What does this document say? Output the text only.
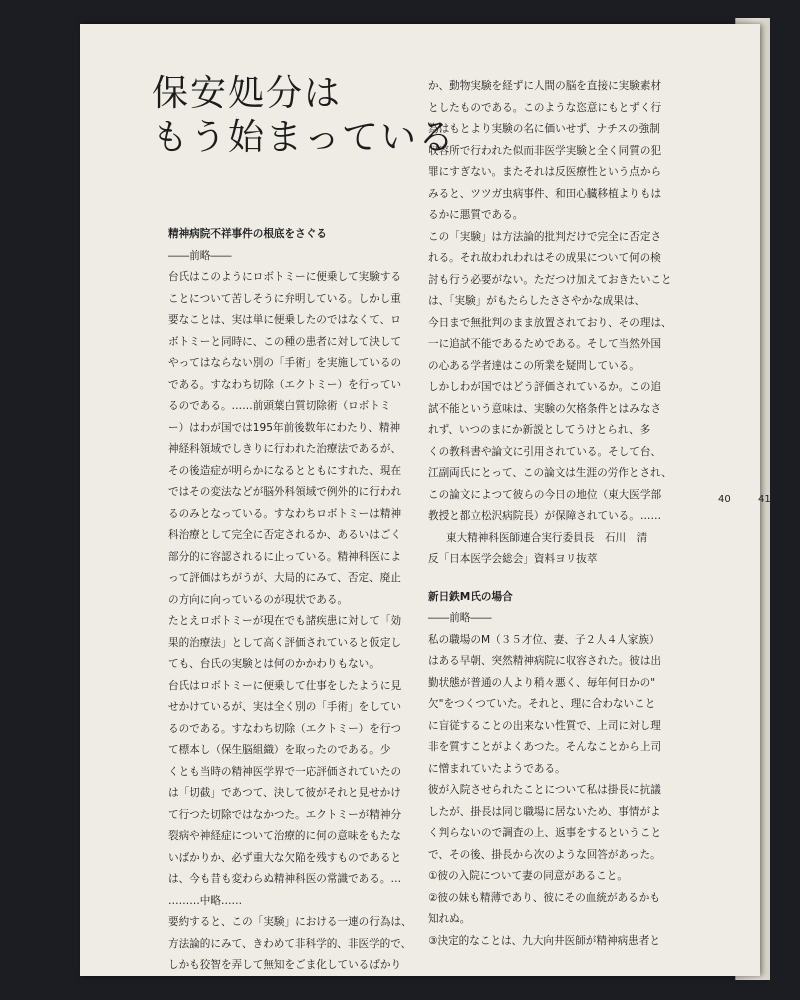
保安処分は
もう始まっている

精神病院不祥事件の根底をさぐる

――前略――

台氏はこのようにロボトミーに便乗して実験する

ことについて苦しそうに弁明している。しかし重

要なことは、実は単に便乗したのではなくて、ロ

ボトミーと同時に、この種の患者に対して決して

やってはならない別の「手術」を実施しているの

である。すなわち切除（エクトミー）を行ってい

るのである。……前頭葉白質切除術（ロボトミ

ー）はわが国では195年前後数年にわたり、精神

神経科領域でしきりに行われた治療法であるが、

その後造症が明らかになるとともにすれた、現在

ではその変法などが脳外科領域で例外的に行われ

るのみとなっている。すなわちロボトミーは精神

科治療として完全に否定されるか、あるいはごく

部分的に容認されるに止っている。精神科医によ

って評価はちがうが、大局的にみて、否定、廃止

の方向に向っているのが現状である。

たとえロボトミーが現在でも諸疾患に対して「効

果的治療法」として高く評価されていると仮定し

ても、台氏の実験とは何のかかわりもない。

台氏はロボトミーに便乗して仕事をしたように見

せかけているが、実は全く別の「手術」をしてい

るのである。すなわち切除（エクトミー）を行つ

て標本し（保生脳組織）を取ったのである。少

くとも当時の精神医学界で一応評価されていたの

は「切截」であつて、決して彼がそれと見せかけ

て行つた切除ではなかつた。エクトミーが精神分

裂病や神経症について治療的に何の意味をもたな

いばかりか、必ず重大な欠陥を残すものであると

は、今も昔も変わらぬ精神科医の常識である。…

………中略……

要約すると、この「実験」における一連の行為は、

方法論的にみて、きわめて非科学的、非医学的で、

しかも狡智を弄して無知をごま化しているばかり

か、動物実験を経ずに人間の脳を直接に実験素材

としたものである。このような恣意にもとずく行

為はもとより実験の名に価いせず、ナチスの強制

収容所で行われた似而非医学実験と全く同質の犯

罪にすぎない。またそれは反医療性という点から

みると、ツツガ虫病事件、和田心臓移植よりもは

るかに悪質である。

この「実験」は方法論的批判だけで完全に否定さ

れる。それ故われわれはその成果について何の検

討も行う必要がない。ただつけ加えておきたいこと

は、「実験」がもたらしたささやかな成果は、

今日まで無批判のまま放置されており、その理は、

一に追試不能であるためである。そして当然外国

の心ある学者達はこの所業を疑問している。

しかしわが国ではどう評価されているか。この追

試不能という意味は、実験の欠格条件とはみなさ

れず、いつのまにか新説としてうけとられ、多

くの教科書や論文に引用されている。そして台、

江副両氏にとって、この論文は生涯の労作とされ、

この論文によつて彼らの今日の地位（東大医学部

教授と都立松沢病院長）が保障されている。……

東大精神科医師連合実行委員長　石川　清

反「日本医学会総会」資料ヨリ抜萃

新日鉄M氏の場合

――前略――

私の職場のM（３５才位、妻、子２人４人家族）

はある早朝、突然精神病院に収容された。彼は出

勤状態が普通の人より稍々悪く、毎年何日かの"

欠"をつくつていた。それと、理に合わないこと

に盲従することの出来ない性質で、上司に対し理

非を質すことがよくあつた。そんなことから上司

に憎まれていたようである。

彼が入院させられたことについて私は掛長に抗議

したが、掛長は同じ職場に居ないため、事情がよ

く判らないので調査の上、返事をするということ

で、その後、掛長から次のような回答があった。

①彼の入院について妻の同意があること。

②彼の妹も精薄であり、彼にその血統があるかも

知れぬ。

③決定的なことは、九大向井医師が精神病患者と

40	41
